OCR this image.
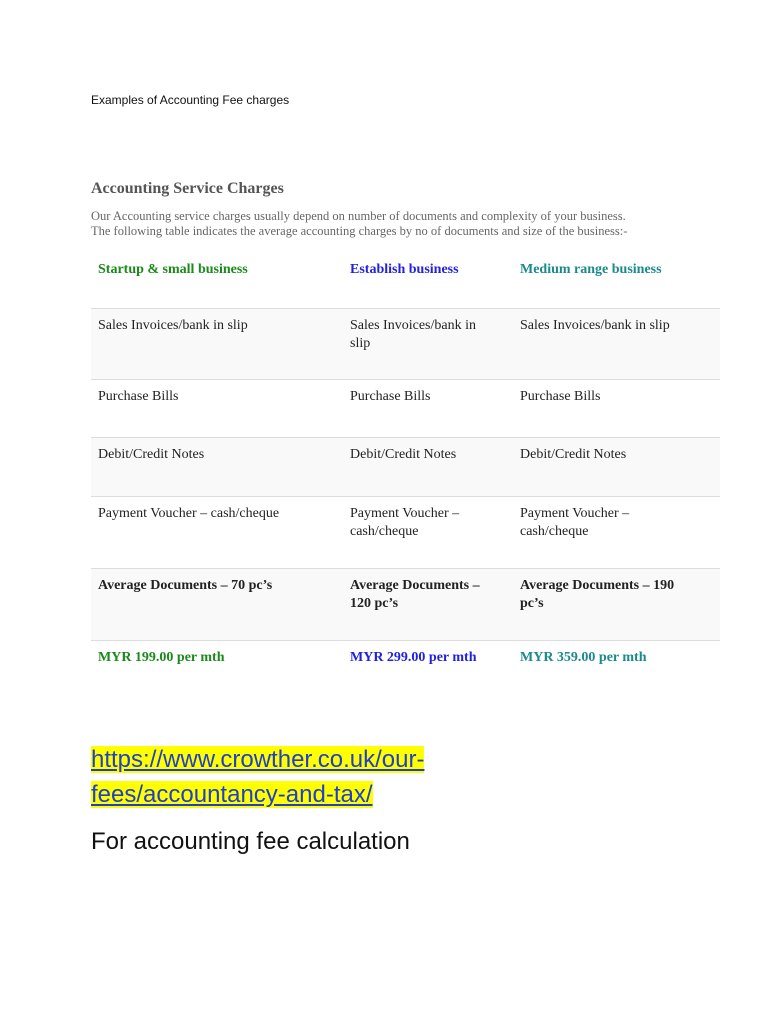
Examples of Accounting Fee charges
Accounting Service Charges

Our Accounting service charges usually depend on number of documents and complexity of your business.

The following table indicates the average accounting charges by no of documents and size of the business:-

Startup & small business	Establish business	Medium range business
Sales Invoices/bank in slip	Sales Invoices/bank in slip	Sales Invoices/bank in slip
Purchase Bills	Purchase Bills	Purchase Bills
Debit/Credit Notes	Debit/Credit Notes	Debit/Credit Notes
Payment Voucher – cash/cheque	Payment Voucher – cash/cheque	Payment Voucher – cash/cheque
Average Documents – 70 pc’s	Average Documents – 120 pc’s	Average Documents – 190 pc’s
MYR 199.00 per mth	MYR 299.00 per mth	MYR 359.00 per mth
https://www.crowther.co.uk/our-fees/accountancy-and-tax/
For accounting fee calculation
